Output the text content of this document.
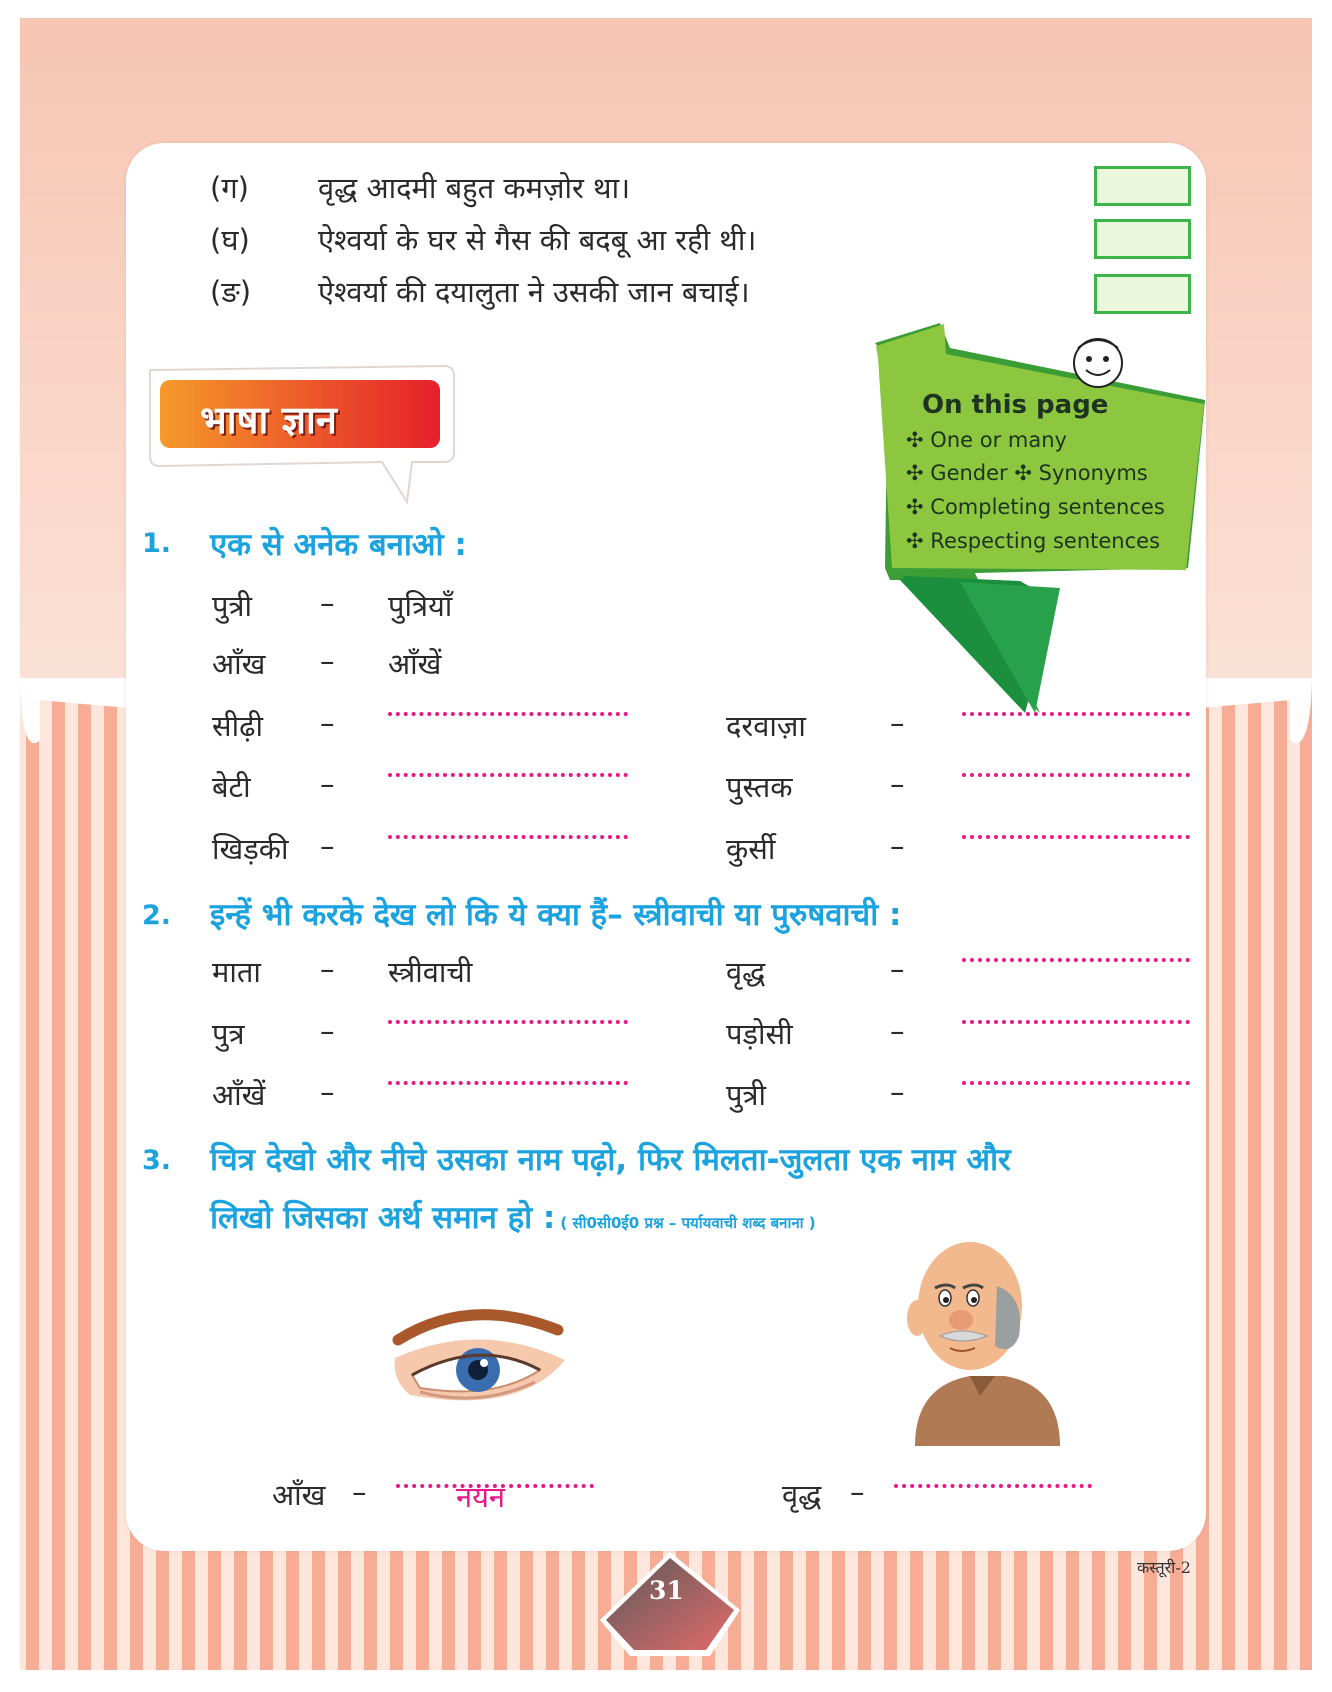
(ग) वृद्ध आदमी बहुत कमज़ोर था।
(घ) ऐश्वर्या के घर से गैस की बदबू आ रही थी।
(ङ) ऐश्वर्या की दयालुता ने उसकी जान बचाई।
भाषा ज्ञान	On this page
✣ One or many
✣ Gender ✣ Synonyms
✣ Completing sentences
✣ Respecting sentences
1. एक से अनेक बनाओ :
पुत्री – पुत्रियाँ
आँख – आँखें
सीढ़ी –	दरवाज़ा	–
बेटी –	पुस्तक	–
खिड़की –	कुर्सी	–
2. इन्हें भी करके देख लो कि ये क्या हैं– स्त्रीवाची या पुरुषवाची :
माता – स्त्रीवाची	वृद्ध	–
पुत्र	–	पड़ोसी	–
आँखें –	पुत्री	–
3. चित्र देखो और नीचे उसका नाम पढ़ो, फिर मिलता-जुलता एक नाम और
लिखो जिसका अर्थ समान हो : ( सी0सी0ई0 प्रश्न – पर्यायवाची शब्द बनाना )
आँख –	नयन	वृद्ध –
31
कस्तूरी-2
